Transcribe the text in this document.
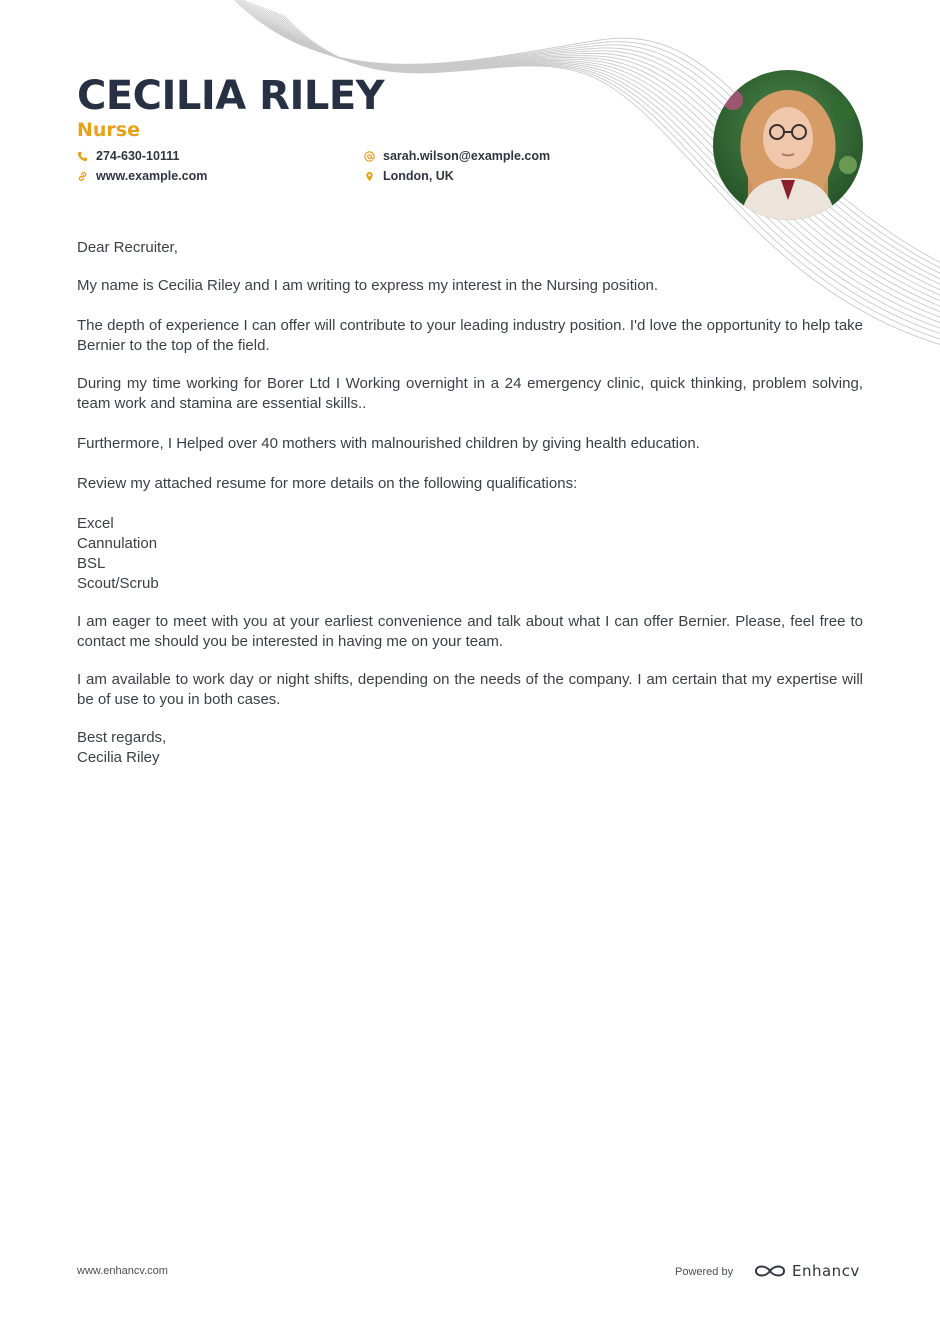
CECILIA RILEY
Nurse
274-630-10111
www.example.com
sarah.wilson@example.com
London, UK

Dear Recruiter,

My name is Cecilia Riley and I am writing to express my interest in the Nursing position.

The depth of experience I can offer will contribute to your leading industry position. I'd love the opportunity to help take Bernier to the top of the field.

During my time working for Borer Ltd I Working overnight in a 24 emergency clinic, quick thinking, problem solving, team work and stamina are essential skills..

Furthermore, I Helped over 40 mothers with malnourished children by giving health education.

Review my attached resume for more details on the following qualifications:

Excel

Cannulation

BSL

Scout/Scrub

I am eager to meet with you at your earliest convenience and talk about what I can offer Bernier. Please, feel free to contact me should you be interested in having me on your team.

I am available to work day or night shifts, depending on the needs of the company. I am certain that my expertise will be of use to you in both cases.

Best regards,

Cecilia Riley

www.enhancv.com	Powered by	Enhancv
